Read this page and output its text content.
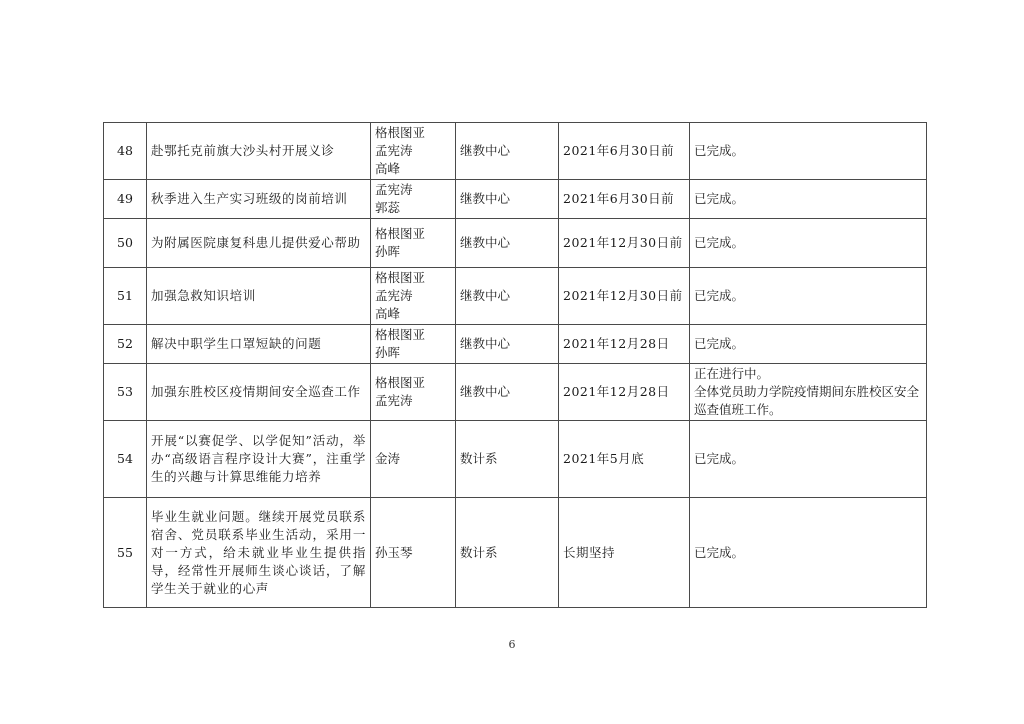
48	赴鄂托克前旗大沙头村开展义诊	格根图亚
孟宪涛
高峰	继教中心	2021年6月30日前	已完成。

49	秋季进入生产实习班级的岗前培训	孟宪涛
郭蕊	继教中心	2021年6月30日前	已完成。

50	为附属医院康复科患儿提供爱心帮助	格根图亚
孙晖	继教中心	2021年12月30日前	已完成。

51	加强急救知识培训	格根图亚
孟宪涛
高峰	继教中心	2021年12月30日前	已完成。

52	解决中职学生口罩短缺的问题	格根图亚
孙晖	继教中心	2021年12月28日	已完成。

53	加强东胜校区疫情期间安全巡查工作	格根图亚
孟宪涛	继教中心	2021年12月28日	正在进行中。
全体党员助力学院疫情期间东胜校区安全巡查值班工作。

54	开展“以赛促学、以学促知”活动，举办“高级语言程序设计大赛”，注重学生的兴趣与计算思维能力培养	金涛	数计系	2021年5月底	已完成。

55	毕业生就业问题。继续开展党员联系宿舍、党员联系毕业生活动，采用一对一方式，给未就业毕业生提供指导，经常性开展师生谈心谈话，了解学生关于就业的心声	孙玉琴	数计系	长期坚持	已完成。
6
